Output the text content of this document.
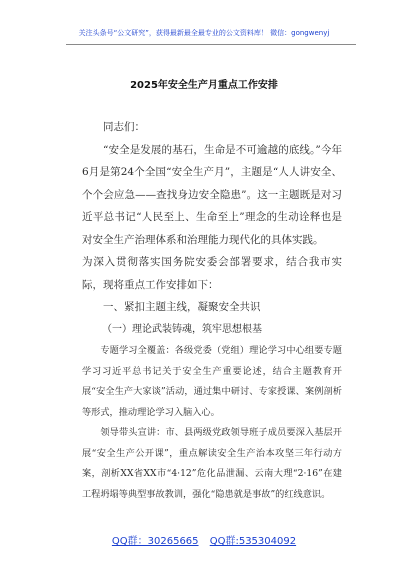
关注头条号“公文研究”，获得最新最全最专业的公文资料库！ 微信：gongwenyj
2025年安全生产月重点工作安排

同志们：

“安全是发展的基石，生命是不可逾越的底线。”今年6月是第24个全国“安全生产月”，主题是“人人讲安全、个个会应急——查找身边安全隐患”。这一主题既是对习近平总书记“人民至上、生命至上”理念的生动诠释也是对安全生产治理体系和治理能力现代化的具体实践。

为深入贯彻落实国务院安委会部署要求，结合我市实际，现将重点工作安排如下：

一、紧扣主题主线，凝聚安全共识

（一）理论武装铸魂，筑牢思想根基

专题学习全覆盖：各级党委（党组）理论学习中心组要专题学习习近平总书记关于安全生产重要论述，结合主题教育开展“安全生产大家谈”活动，通过集中研讨、专家授课、案例剖析等形式，推动理论学习入脑入心。

领导带头宣讲：市、县两级党政领导班子成员要深入基层开展“安全生产公开课”，重点解读安全生产治本攻坚三年行动方案，剖析XX省XX市“4·12”危化品泄漏、云南大理“2·16”在建工程坍塌等典型事故教训，强化“隐患就是事故”的红线意识。

QQ群：30265665 QQ群:535304092
